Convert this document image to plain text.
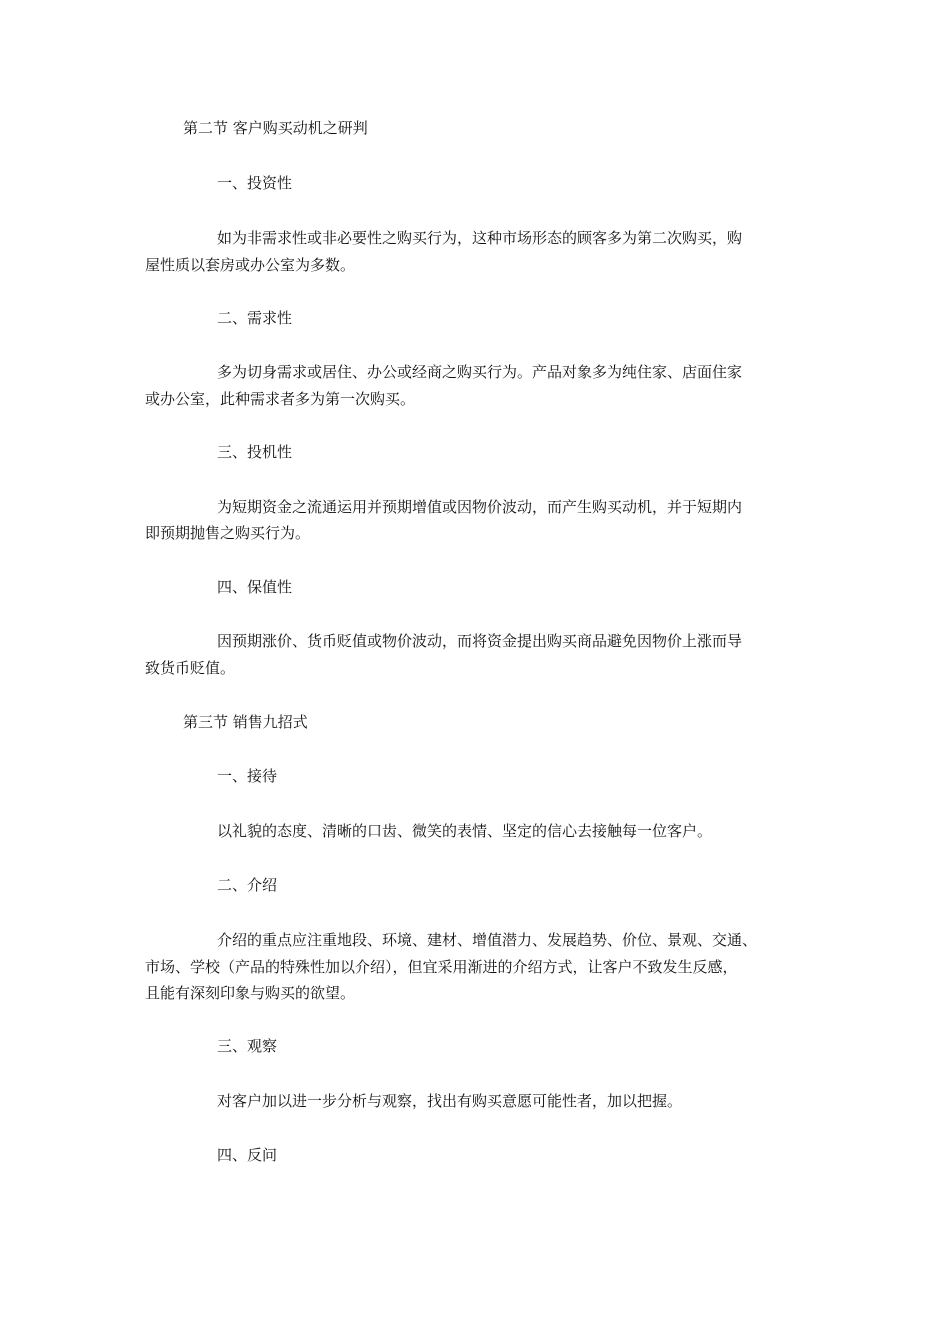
第二节 客户购买动机之研判
一、投资性
如为非需求性或非必要性之购买行为，这种市场形态的顾客多为第二次购买，购
屋性质以套房或办公室为多数。
二、需求性
多为切身需求或居住、办公或经商之购买行为。产品对象多为纯住家、店面住家
或办公室，此种需求者多为第一次购买。
三、投机性
为短期资金之流通运用并预期增值或因物价波动，而产生购买动机，并于短期内
即预期抛售之购买行为。
四、保值性
因预期涨价、货币贬值或物价波动，而将资金提出购买商品避免因物价上涨而导
致货币贬值。
第三节 销售九招式
一、接待
以礼貌的态度、清晰的口齿、微笑的表情、坚定的信心去接触每一位客户。
二、介绍
介绍的重点应注重地段、环境、建材、增值潜力、发展趋势、价位、景观、交通、
市场、学校（产品的特殊性加以介绍），但宜采用渐进的介绍方式，让客户不致发生反感，
且能有深刻印象与购买的欲望。
三、观察
对客户加以进一步分析与观察，找出有购买意愿可能性者，加以把握。
四、反问
